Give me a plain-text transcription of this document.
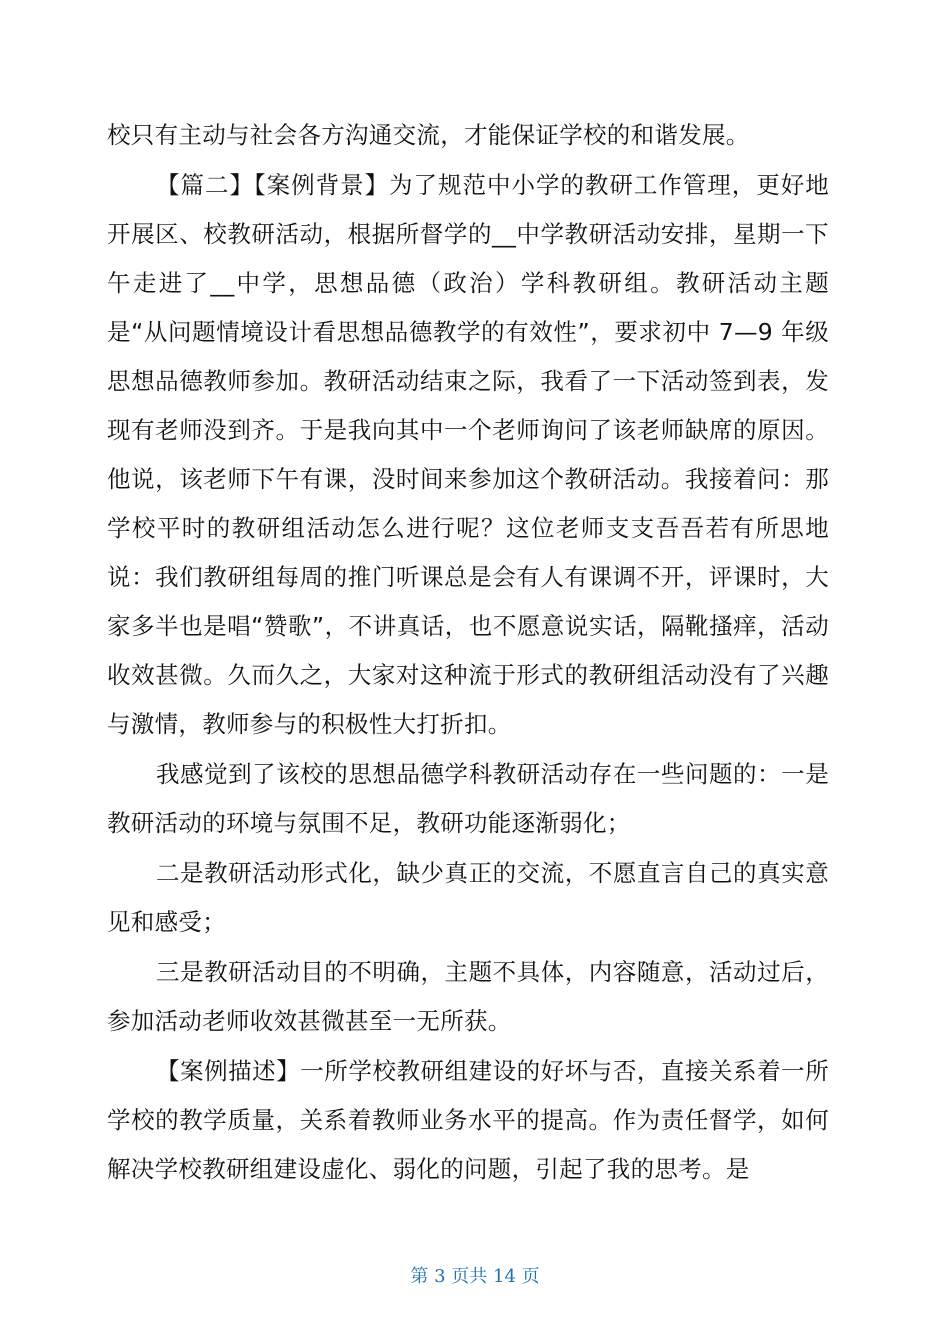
校只有主动与社会各方沟通交流，才能保证学校的和谐发展。

【篇二】【案例背景】为了规范中小学的教研工作管理，更好地开展区、校教研活动，根据所督学的__中学教研活动安排，星期一下午走进了__中学，思想品德（政治）学科教研组。教研活动主题是“从问题情境设计看思想品德教学的有效性”，要求初中 7—9 年级思想品德教师参加。教研活动结束之际，我看了一下活动签到表，发现有老师没到齐。于是我向其中一个老师询问了该老师缺席的原因。他说，该老师下午有课，没时间来参加这个教研活动。我接着问：那学校平时的教研组活动怎么进行呢？这位老师支支吾吾若有所思地说：我们教研组每周的推门听课总是会有人有课调不开，评课时，大家多半也是唱“赞歌”，不讲真话，也不愿意说实话，隔靴搔痒，活动收效甚微。久而久之，大家对这种流于形式的教研组活动没有了兴趣与激情，教师参与的积极性大打折扣。

我感觉到了该校的思想品德学科教研活动存在一些问题的：一是教研活动的环境与氛围不足，教研功能逐渐弱化；

二是教研活动形式化，缺少真正的交流，不愿直言自己的真实意见和感受；

三是教研活动目的不明确，主题不具体，内容随意，活动过后，参加活动老师收效甚微甚至一无所获。

【案例描述】一所学校教研组建设的好坏与否，直接关系着一所学校的教学质量，关系着教师业务水平的提高。作为责任督学，如何解决学校教研组建设虚化、弱化的问题，引起了我的思考。是

第 3 页共 14 页
